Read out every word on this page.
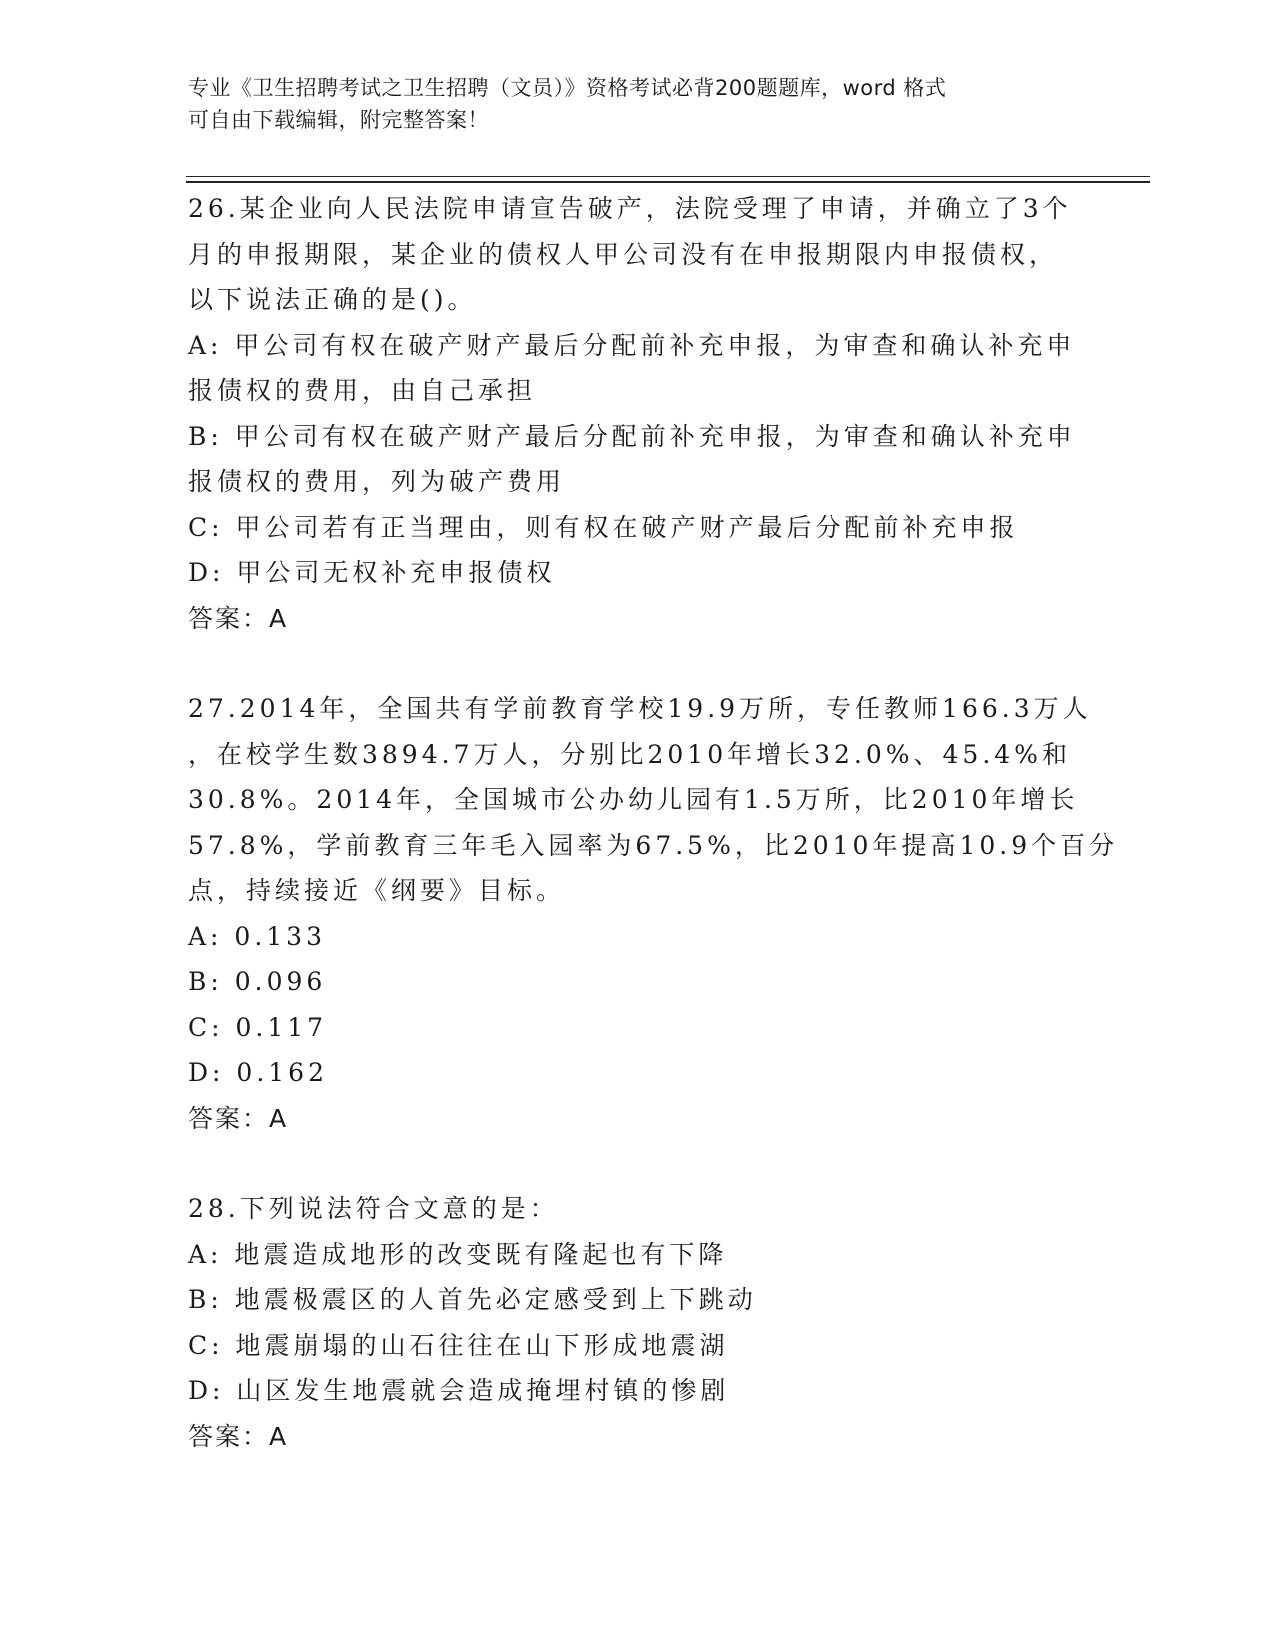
专业《卫生招聘考试之卫生招聘（文员）》资格考试必背200题题库，word 格式
可自由下载编辑，附完整答案！
26.某企业向人民法院申请宣告破产，法院受理了申请，并确立了3个
月的申报期限，某企业的债权人甲公司没有在申报期限内申报债权，
以下说法正确的是()。
A: 甲公司有权在破产财产最后分配前补充申报，为审查和确认补充申
报债权的费用，由自己承担
B: 甲公司有权在破产财产最后分配前补充申报，为审查和确认补充申
报债权的费用，列为破产费用
C: 甲公司若有正当理由，则有权在破产财产最后分配前补充申报
D: 甲公司无权补充申报债权
答案：A
27.2014年，全国共有学前教育学校19.9万所，专任教师166.3万人
，在校学生数3894.7万人，分别比2010年增长32.0%、45.4%和
30.8%。2014年，全国城市公办幼儿园有1.5万所，比2010年增长
57.8%，学前教育三年毛入园率为67.5%，比2010年提高10.9个百分
点，持续接近《纲要》目标。
A: 0.133
B: 0.096
C: 0.117
D: 0.162
答案：A
28.下列说法符合文意的是：
A: 地震造成地形的改变既有隆起也有下降
B: 地震极震区的人首先必定感受到上下跳动
C: 地震崩塌的山石往往在山下形成地震湖
D: 山区发生地震就会造成掩埋村镇的惨剧
答案：A
